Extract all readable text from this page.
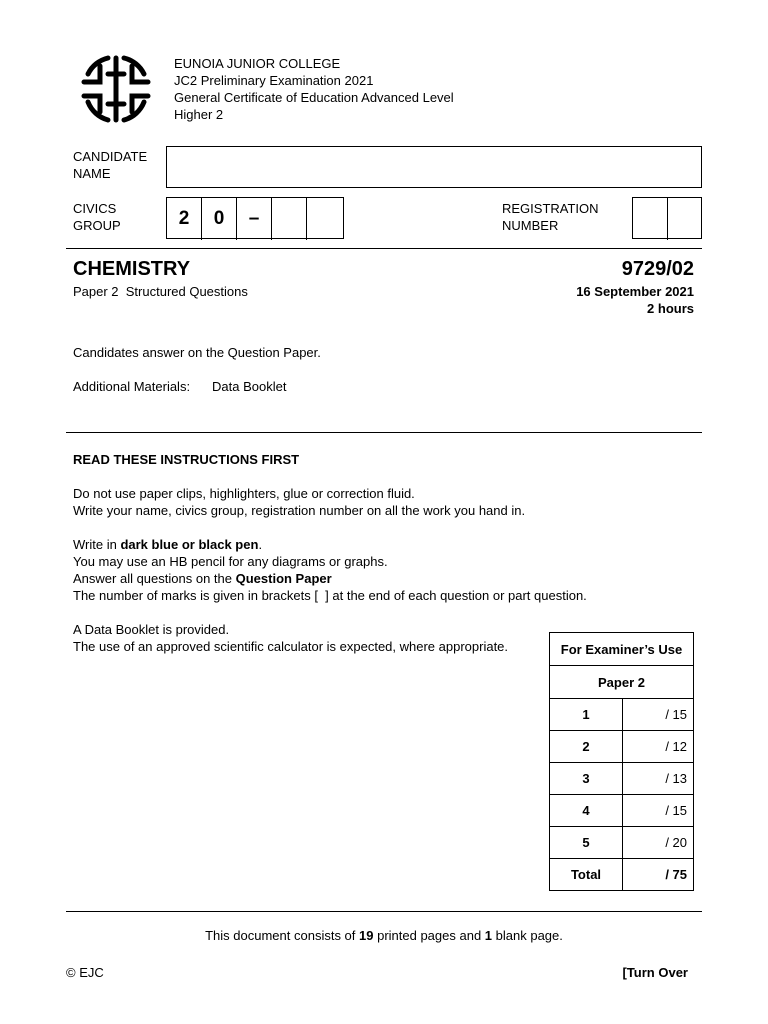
EUNOIA JUNIOR COLLEGE
JC2 Preliminary Examination 2021
General Certificate of Education Advanced Level
Higher 2
CANDIDATE
NAME
CIVICS
GROUP	2	0	–	REGISTRATION
NUMBER
CHEMISTRY	9729/02
Paper 2  Structured Questions	16 September 2021
2 hours
Candidates answer on the Question Paper.
Additional Materials: Data Booklet
READ THESE INSTRUCTIONS FIRST
Do not use paper clips, highlighters, glue or correction fluid.
Write your name, civics group, registration number on all the work you hand in.
Write in dark blue or black pen.
You may use an HB pencil for any diagrams or graphs.
Answer all questions on the Question Paper
The number of marks is given in brackets [  ] at the end of each question or part question.
A Data Booklet is provided.
The use of an approved scientific calculator is expected, where appropriate.	For Examiner’s Use	
Paper 2	
1	/ 15
2	/ 12
3	/ 13
4	/ 15
5	/ 20
Total	/ 75
This document consists of 19 printed pages and 1 blank page.
© EJC	[Turn Over
